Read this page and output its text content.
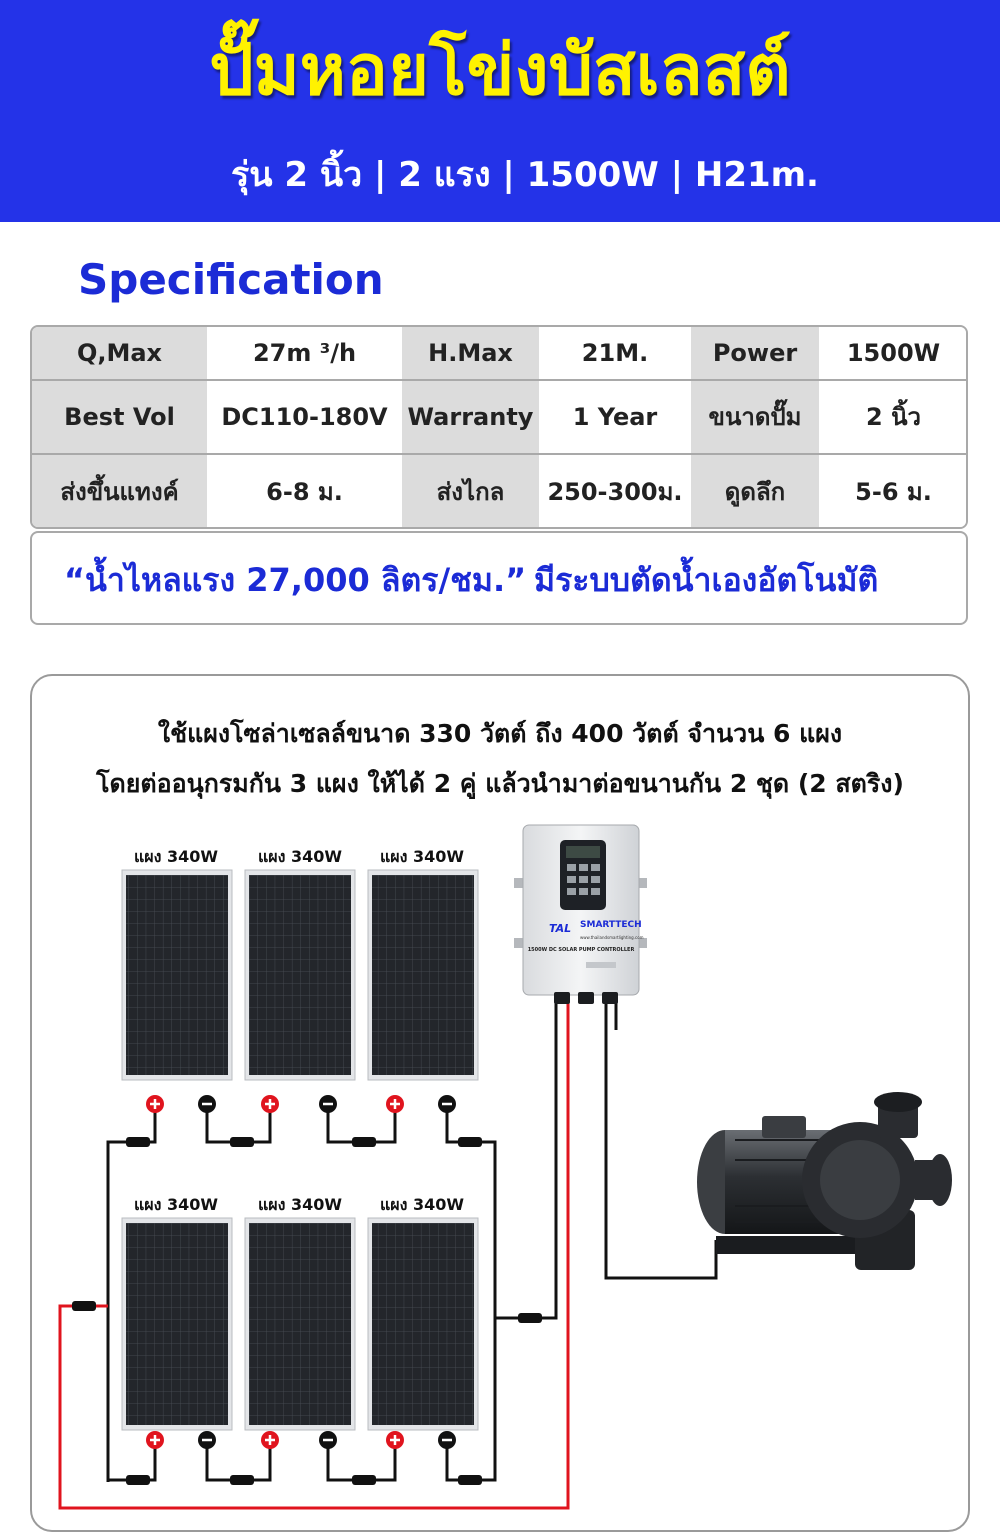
ปั๊มหอยโข่งบัสเลสต์
รุ่น 2 นิ้ว | 2 แรง | 1500W | H21m.
Specification
Q,Max	27m ³/h	H.Max	21M.	Power	1500W
Best Vol	DC110-180V	Warranty	1 Year	ขนาดปั๊ม	2 นิ้ว
ส่งขึ้นแทงค์	6-8 ม.	ส่งไกล	250-300ม.	ดูดลึก	5-6 ม.
“น้ำไหลแรง 27,000 ลิตร/ชม.” มีระบบตัดน้ำเองอัตโนมัติ
ใช้แผงโซล่าเซลล์ขนาด 330 วัตต์ ถึง 400 วัตต์ จำนวน 6 แผง
โดยต่ออนุกรมกัน 3 แผง ให้ได้ 2 คู่ แล้วนำมาต่อขนานกัน 2 ชุด (2 สตริง)
แผง 340W แผง 340W แผง 340W
แผง 340W แผง 340W แผง 340W
TAL SMARTTECH
www.thailandsmartlighting.com
1500W DC SOLAR PUMP CONTROLLER
